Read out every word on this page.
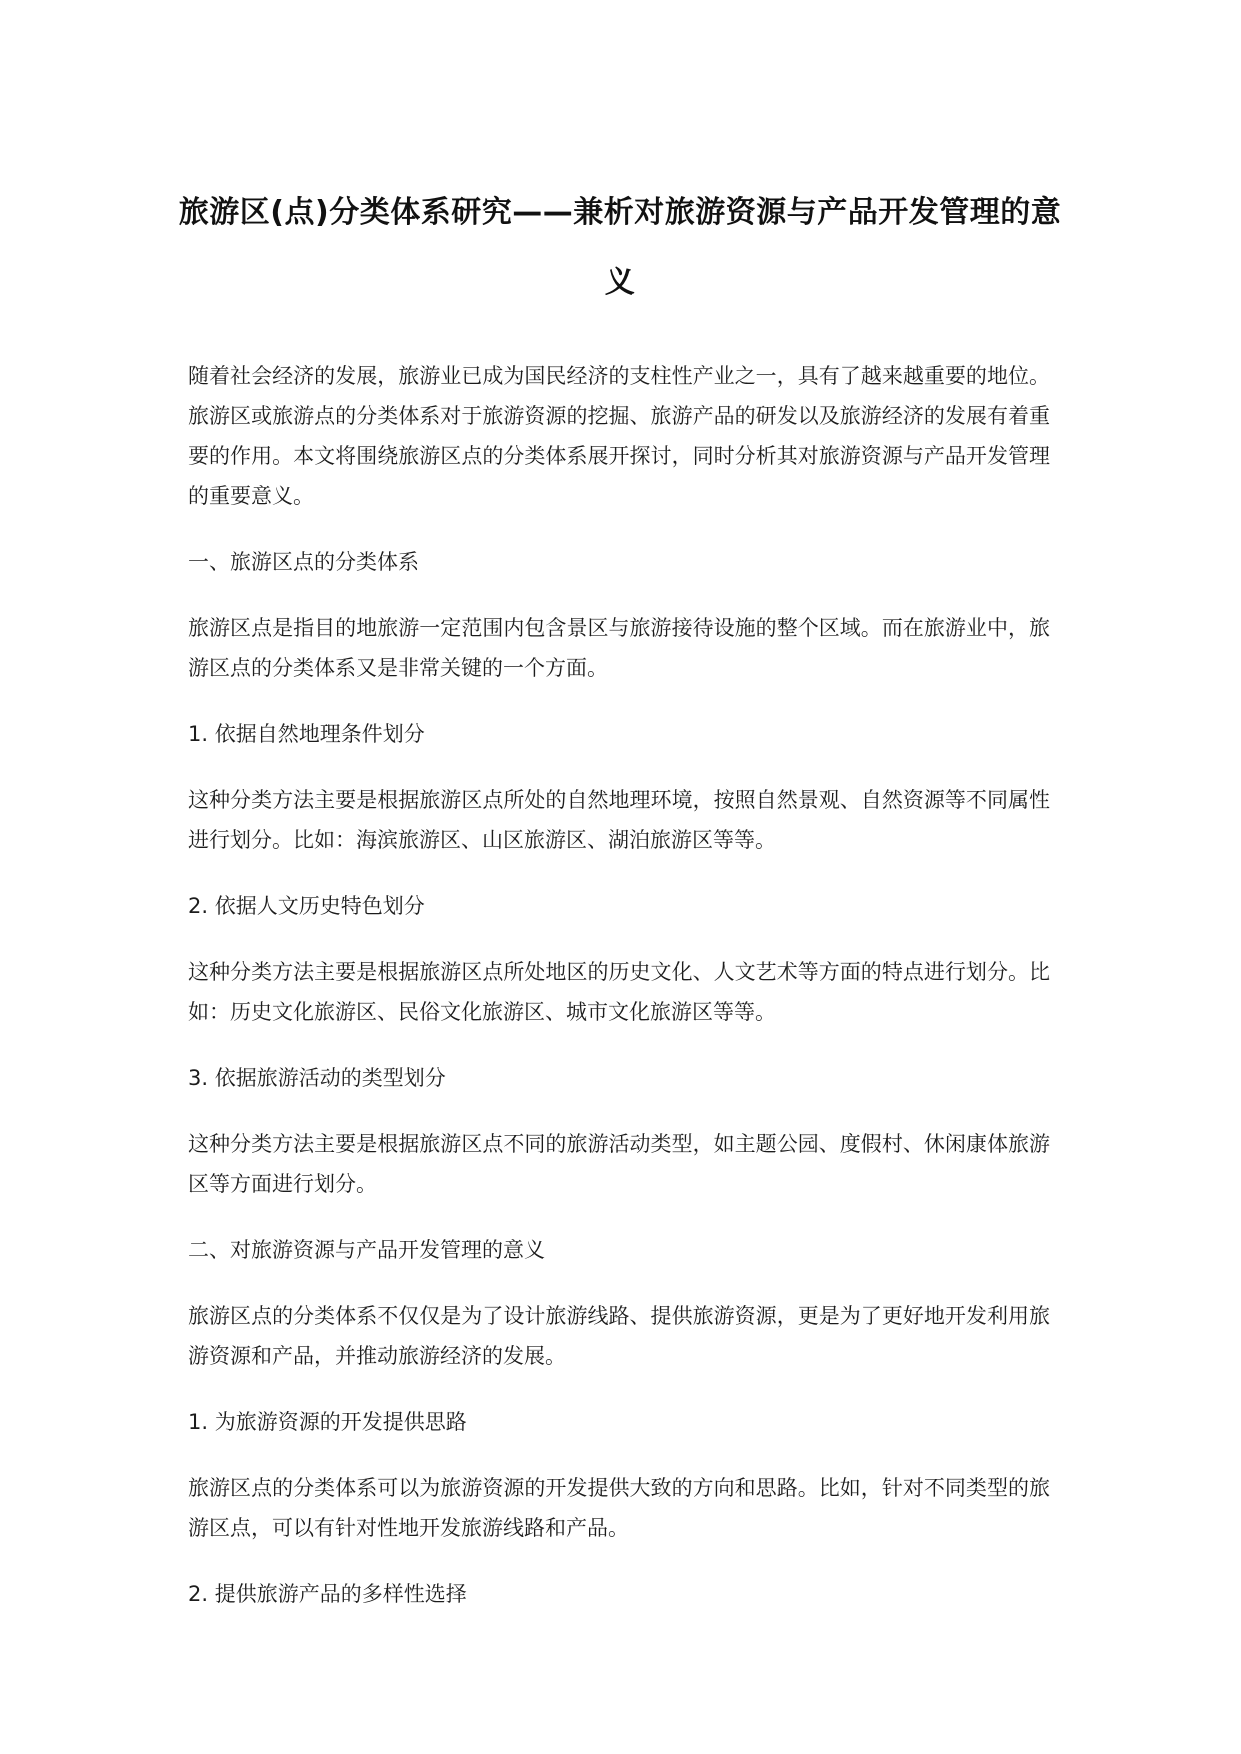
旅游区(点)分类体系研究——兼析对旅游资源与产品开发管理的意义

随着社会经济的发展，旅游业已成为国民经济的支柱性产业之一，具有了越来越重要的地位。旅游区或旅游点的分类体系对于旅游资源的挖掘、旅游产品的研发以及旅游经济的发展有着重要的作用。本文将围绕旅游区点的分类体系展开探讨，同时分析其对旅游资源与产品开发管理的重要意义。

一、旅游区点的分类体系

旅游区点是指目的地旅游一定范围内包含景区与旅游接待设施的整个区域。而在旅游业中，旅游区点的分类体系又是非常关键的一个方面。

1. 依据自然地理条件划分

这种分类方法主要是根据旅游区点所处的自然地理环境，按照自然景观、自然资源等不同属性进行划分。比如：海滨旅游区、山区旅游区、湖泊旅游区等等。

2. 依据人文历史特色划分

这种分类方法主要是根据旅游区点所处地区的历史文化、人文艺术等方面的特点进行划分。比如：历史文化旅游区、民俗文化旅游区、城市文化旅游区等等。

3. 依据旅游活动的类型划分

这种分类方法主要是根据旅游区点不同的旅游活动类型，如主题公园、度假村、休闲康体旅游区等方面进行划分。

二、对旅游资源与产品开发管理的意义

旅游区点的分类体系不仅仅是为了设计旅游线路、提供旅游资源，更是为了更好地开发利用旅游资源和产品，并推动旅游经济的发展。

1. 为旅游资源的开发提供思路

旅游区点的分类体系可以为旅游资源的开发提供大致的方向和思路。比如，针对不同类型的旅游区点，可以有针对性地开发旅游线路和产品。

2. 提供旅游产品的多样性选择
